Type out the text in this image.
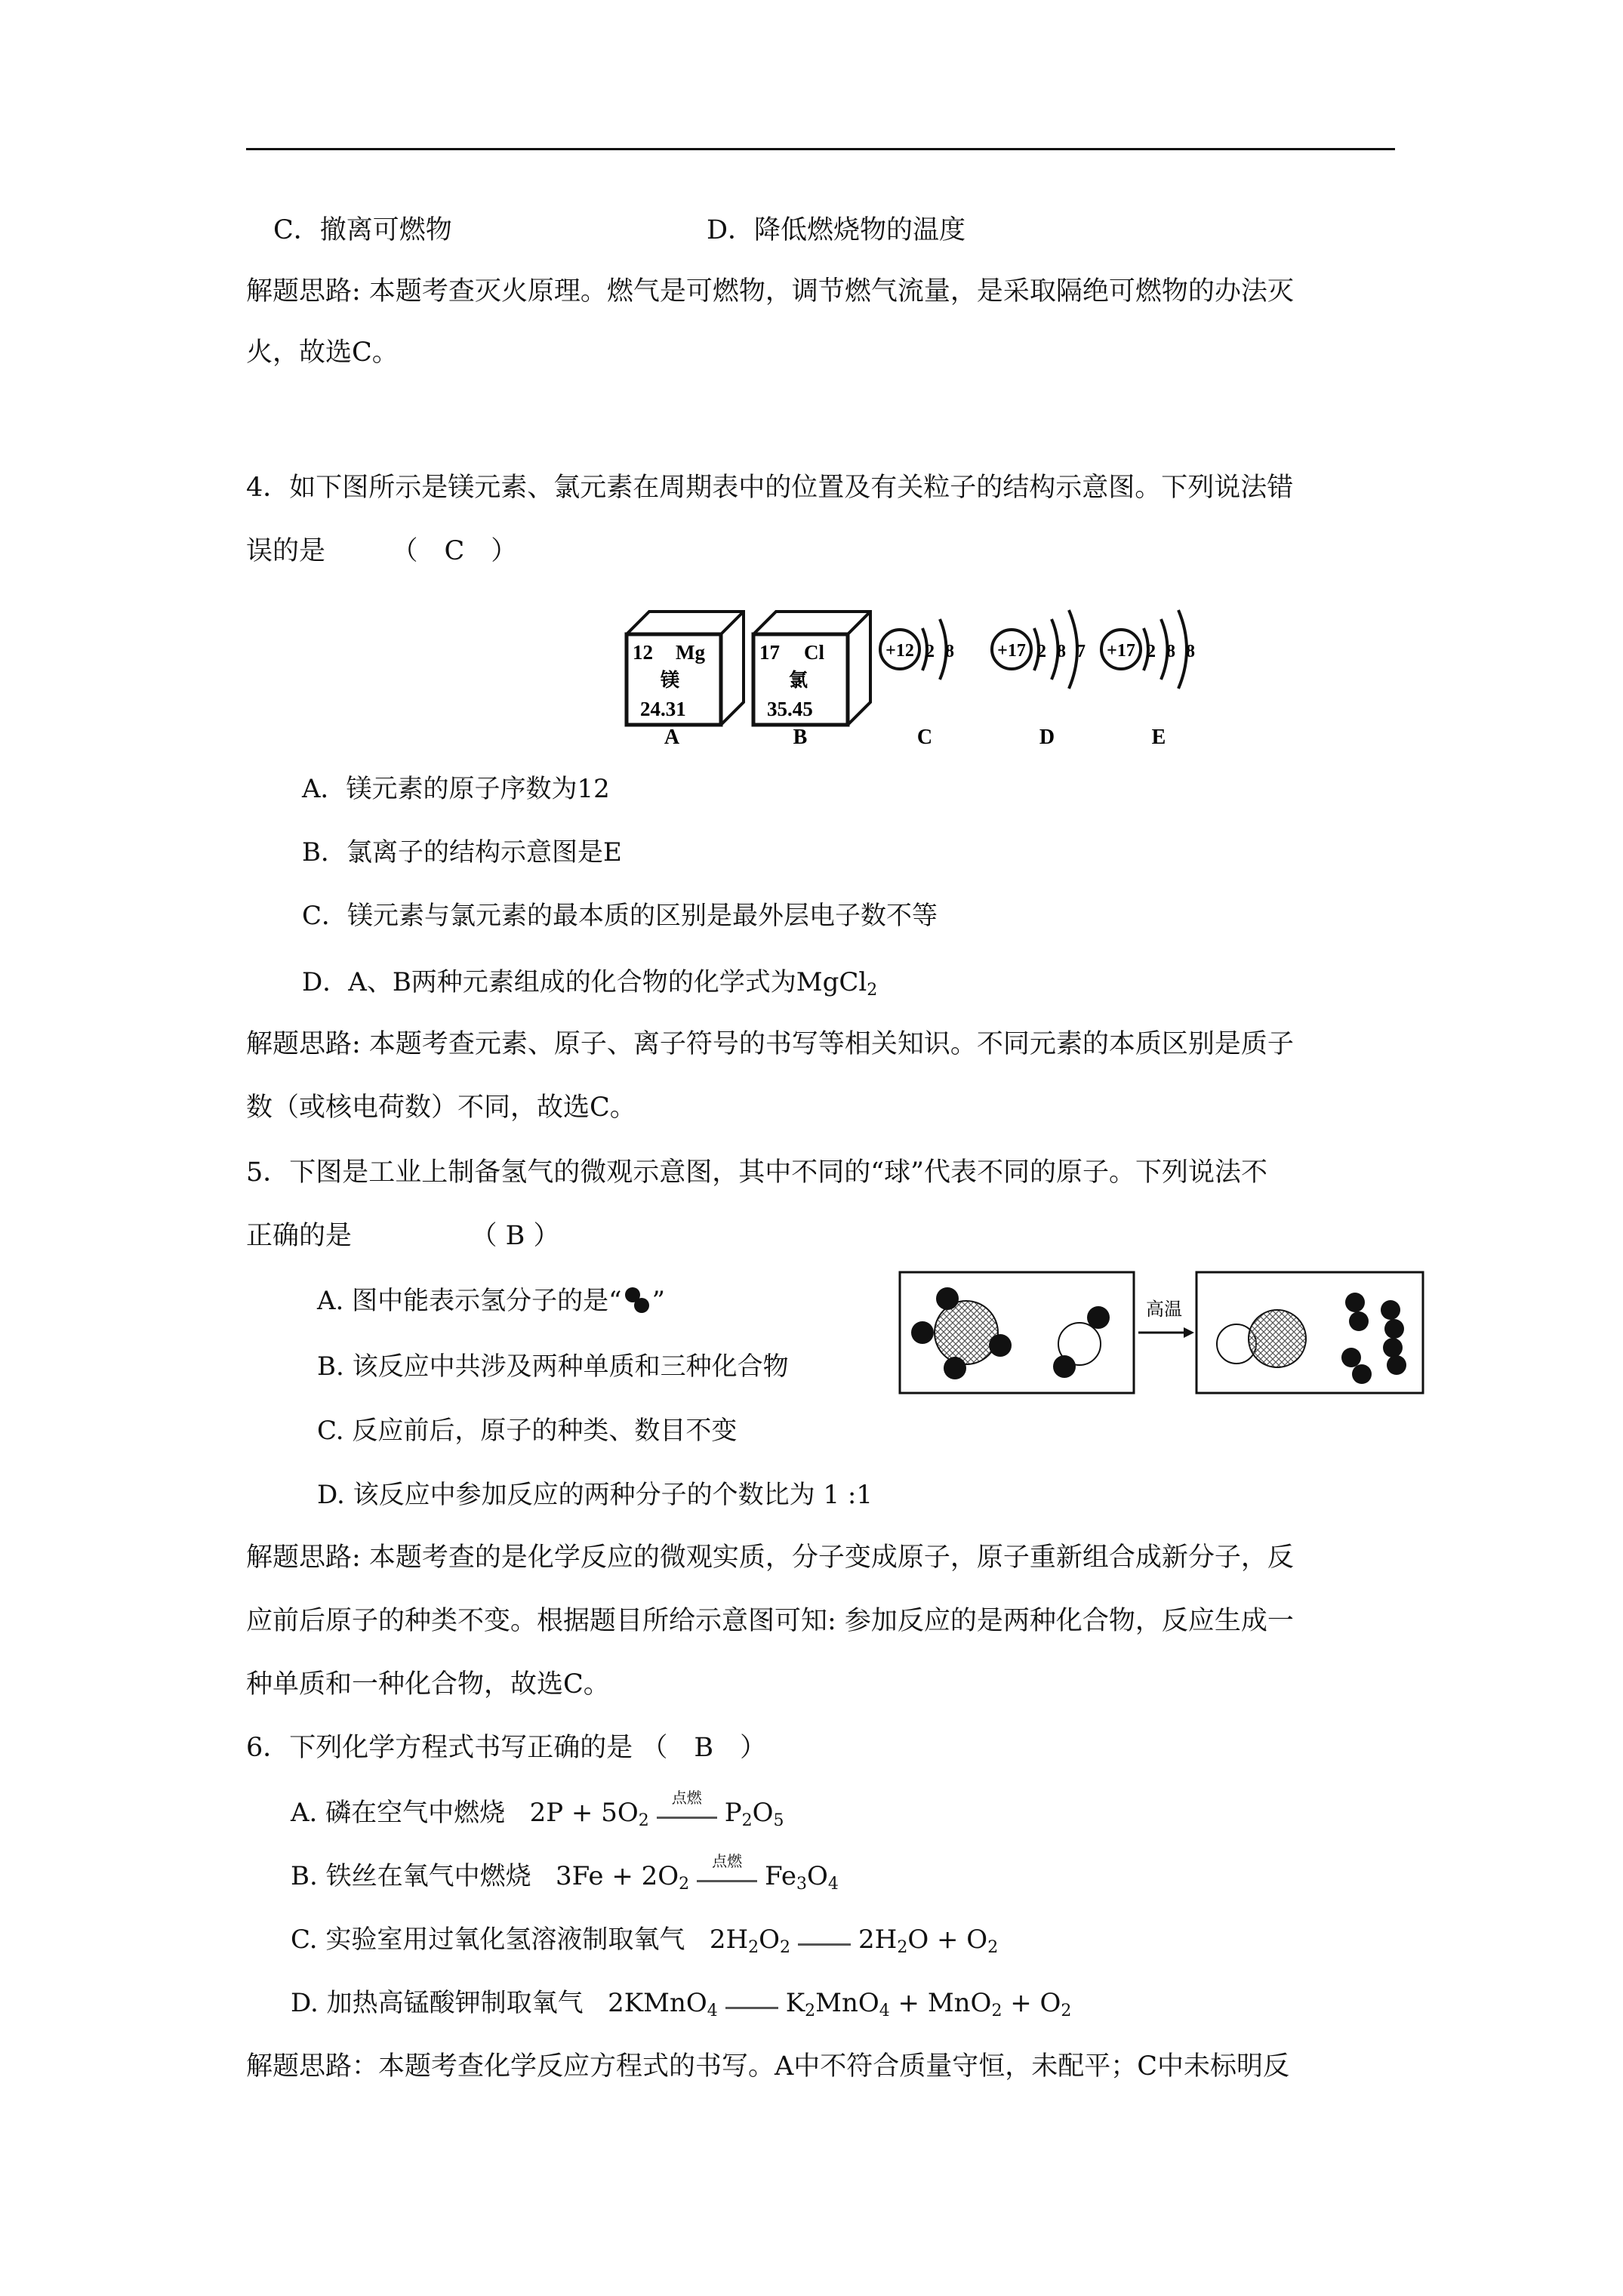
C．撤离可燃物	D．降低燃烧物的温度
解题思路: 本题考查灭火原理。燃气是可燃物，调节燃气流量，是采取隔绝可燃物的办法灭
火，故选C。
4．如下图所示是镁元素、氯元素在周期表中的位置及有关粒子的结构示意图。下列说法错
误的是　　　（　C　）
12 Mg
镁
24.31
17 Cl
氯
35.45
+12 2 8 +17 2 8 7 +17 2 8 8
A	B	C	D	E
A．镁元素的原子序数为12
B．氯离子的结构示意图是E
C．镁元素与氯元素的最本质的区别是最外层电子数不等
D．A、B两种元素组成的化合物的化学式为MgCl$_2$
解题思路: 本题考查元素、原子、离子符号的书写等相关知识。不同元素的本质区别是质子
数（或核电荷数）不同，故选C。
5．下图是工业上制备氢气的微观示意图，其中不同的“球”代表不同的原子。下列说法不
正确的是　　　　　（ B ）
A. 图中能表示氢分子的是“ ”
B. 该反应中共涉及两种单质和三种化合物
C. 反应前后，原子的种类、数目不变
D. 该反应中参加反应的两种分子的个数比为 1 :1
高温
解题思路: 本题考查的是化学反应的微观实质，分子变成原子，原子重新组合成新分子，反
应前后原子的种类不变。根据题目所给示意图可知: 参加反应的是两种化合物，反应生成一
种单质和一种化合物，故选C。
6．下列化学方程式书写正确的是 （　B　）
A. 磷在空气中燃烧 $2P + 5O_2$
点燃 $P_2O_5$
B. 铁丝在氧气中燃烧 $3Fe + 2O_2$
点燃 $Fe_3O_4$
C. 实验室用过氧化氢溶液制取氧气 $2H_2O_2$	$2H_2O + O_2$
D. 加热高锰酸钾制取氧气 2KMnO$_4$	$K_2MnO_4 + MnO_2 + O_2$
解题思路：本题考查化学反应方程式的书写。A中不符合质量守恒，未配平；C中未标明反
